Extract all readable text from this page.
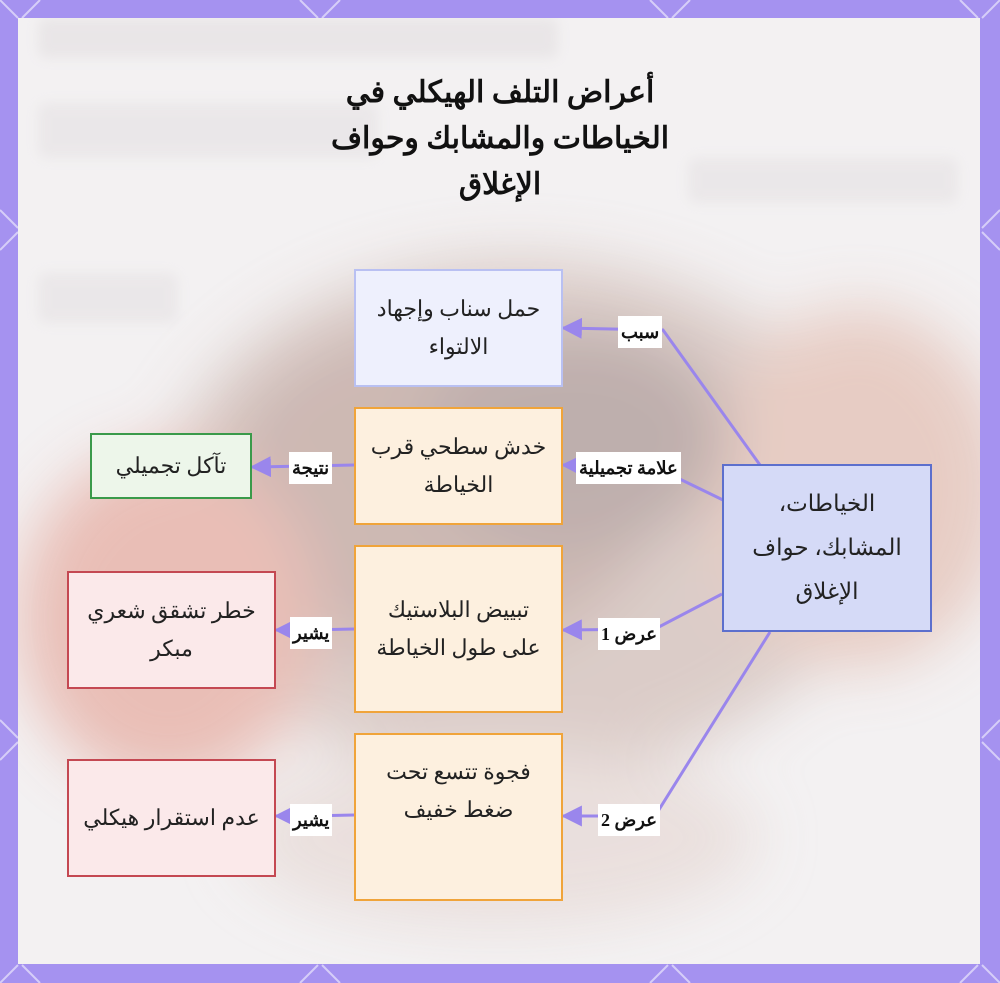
أعراض التلف الهيكلي في الخياطات والمشابك وحواف الإغلاق
حمل سناب وإجهاد الالتواء
خدش سطحي قرب الخياطة
تبييض البلاستيك على طول الخياطة
فجوة تتسع تحت ضغط خفيف
الخياطات، المشابك، حواف الإغلاق
تآكل تجميلي
خطر تشقق شعري مبكر
عدم استقرار هيكلي
سبب
علامة تجميلية
عرض 1
عرض 2
نتيجة
يشير
يشير
